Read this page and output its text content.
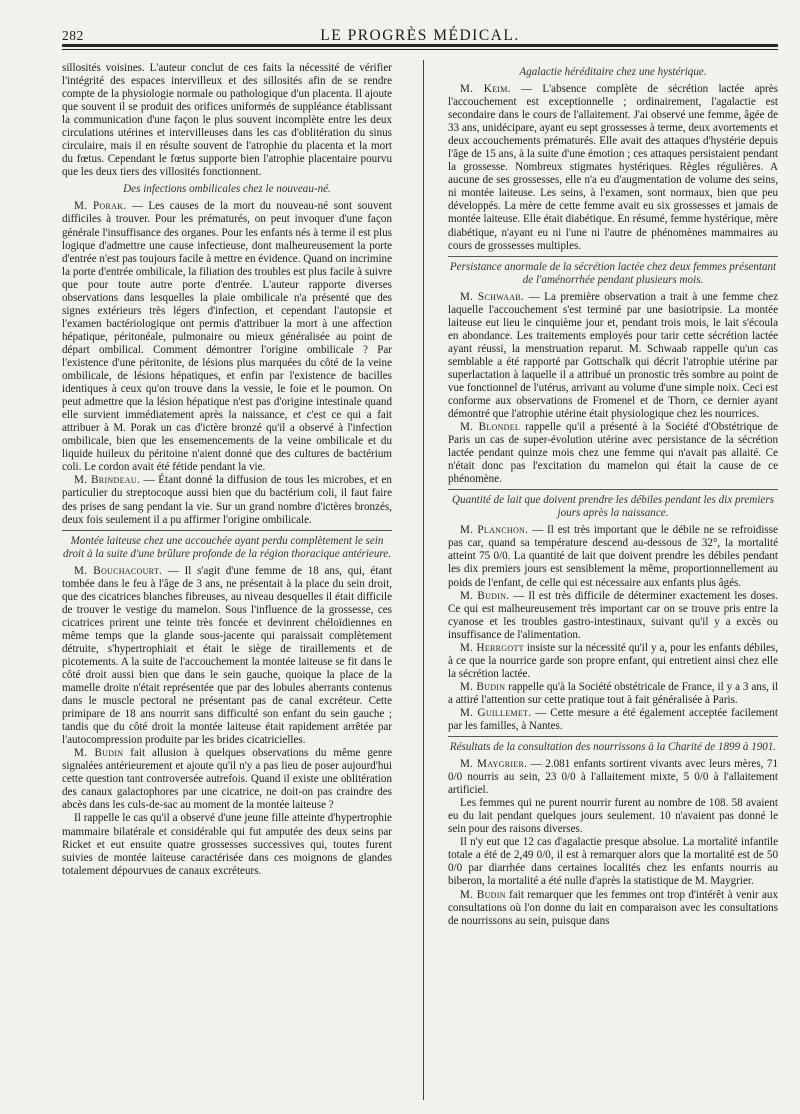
282	LE PROGRÈS MÉDICAL.

sillosités voisines. L'auteur conclut de ces faits la nécessité de vérifier l'intégrité des espaces intervilleux et des sillosités afin de se rendre compte de la physiologie normale ou pathologique d'un placenta. Il ajoute que souvent il se produit des orifices uniformés de suppléance établissant la communication d'une façon le plus souvent incomplète entre les deux circulations utérines et intervilleuses dans les cas d'oblitération du sinus circulaire, mais il en résulte souvent de l'atrophie du placenta et la mort du fœtus. Cependant le fœtus supporte bien l'atrophie placentaire pourvu que les deux tiers des villosités fonctionnent.

Des infections ombilicales chez le nouveau-né.

M. Porak. — Les causes de la mort du nouveau-né sont souvent difficiles à trouver. Pour les prématurés, on peut invoquer d'une façon générale l'insuffisance des organes. Pour les enfants nés à terme il est plus logique d'admettre une cause infectieuse, dont malheureusement la porte d'entrée n'est pas toujours facile à mettre en évidence. Quand on incrimine la porte d'entrée ombilicale, la filiation des troubles est plus facile à suivre que pour toute autre porte d'entrée. L'auteur rapporte diverses observations dans lesquelles la plaie ombilicale n'a présenté que des signes extérieurs très légers d'infection, et cependant l'autopsie et l'examen bactériologique ont permis d'attribuer la mort à une affection hépatique, péritonéale, pulmonaire ou mieux généralisée au point de départ ombilical. Comment démontrer l'origine ombilicale ? Par l'existence d'une péritonite, de lésions plus marquées du côté de la veine ombilicale, de lésions hépatiques, et enfin par l'existence de bacilles identiques à ceux qu'on trouve dans la vessie, le foie et le poumon. On peut admettre que la lésion hépatique n'est pas d'origine intestinale quand elle survient immédiatement après la naissance, et c'est ce qui a fait attribuer à M. Porak un cas d'ictère bronzé qu'il a observé à l'infection ombilicale, bien que les ensemencements de la veine ombilicale et du liquide huileux du péritoine n'aient donné que des cultures de bactérium coli. Le cordon avait été fétide pendant la vie.

M. Brindeau. — Étant donné la diffusion de tous les microbes, et en particulier du streptocoque aussi bien que du bactérium coli, il faut faire des prises de sang pendant la vie. Sur un grand nombre d'ictères bronzés, deux fois seulement il a pu affirmer l'origine ombilicale.

Montée laiteuse chez une accouchée ayant perdu complètement le sein droit à la suite d'une brûlure profonde de la région thoracique antérieure.

M. Bouchacourt. — Il s'agit d'une femme de 18 ans, qui, étant tombée dans le feu à l'âge de 3 ans, ne présentait à la place du sein droit, que des cicatrices blanches fibreuses, au niveau desquelles il était difficile de trouver le vestige du mamelon. Sous l'influence de la grossesse, ces cicatrices prirent une teinte très foncée et devinrent chéloïdiennes en même temps que la glande sous-jacente qui paraissait complètement détruite, s'hypertrophiait et était le siège de tiraillements et de picotements. A la suite de l'accouchement la montée laiteuse se fit dans le côté droit aussi bien que dans le sein gauche, quoique la place de la mamelle droite n'était représentée que par des lobules aberrants contenus dans le muscle pectoral ne présentant pas de canal excréteur. Cette primipare de 18 ans nourrit sans difficulté son enfant du sein gauche ; tandis que du côté droit la montée laiteuse était rapidement arrêtée par l'autocompression produite par les brides cicatricielles.

M. Budin fait allusion à quelques observations du même genre signalées antérieurement et ajoute qu'il n'y a pas lieu de poser aujourd'hui cette question tant controversée autrefois. Quand il existe une oblitération des canaux galactophores par une cicatrice, ne doit-on pas craindre des abcès dans les culs-de-sac au moment de la montée laiteuse ?

Il rappelle le cas qu'il a observé d'une jeune fille atteinte d'hypertrophie mammaire bilatérale et considérable qui fut amputée des deux seins par Ricket et eut ensuite quatre grossesses successives qui, toutes furent suivies de montée laiteuse caractérisée dans ces moignons de glandes totalement dépourvues de canaux excréteurs.

Agalactie héréditaire chez une hystérique.

M. Keim. — L'absence complète de sécrétion lactée après l'accouchement est exceptionnelle ; ordinairement, l'agalactie est secondaire dans le cours de l'allaitement. J'ai observé une femme, âgée de 33 ans, unidécipare, ayant eu sept grossesses à terme, deux avortements et deux accouchements prématurés. Elle avait des attaques d'hystérie depuis l'âge de 15 ans, à la suite d'une émotion ; ces attaques persistaient pendant la grossesse. Nombreux stigmates hystériques. Règles régulières. A aucune de ses grossesses, elle n'a eu d'augmentation de volume des seins, ni montée laiteuse. Les seins, à l'examen, sont normaux, bien que peu développés. La mère de cette femme avait eu six grossesses et jamais de montée laiteuse. Elle était diabétique. En résumé, femme hystérique, mère diabétique, n'ayant eu ni l'une ni l'autre de phénomènes mammaires au cours de grossesses multiples.

Persistance anormale de la sécrétion lactée chez deux femmes présentant de l'aménorrhée pendant plusieurs mois.

M. Schwaab. — La première observation a trait à une femme chez laquelle l'accouchement s'est terminé par une basiotripsie. La montée laiteuse eut lieu le cinquième jour et, pendant trois mois, le lait s'écoula en abondance. Les traitements employés pour tarir cette sécrétion lactée ayant réussi, la menstruation reparut. M. Schwaab rappelle qu'un cas semblable a été rapporté par Gottschalk qui décrit l'atrophie utérine par superlactation à laquelle il a attribué un pronostic très sombre au point de vue fonctionnel de l'utérus, arrivant au volume d'une simple noix. Ceci est conforme aux observations de Fromenel et de Thorn, ce dernier ayant démontré que l'atrophie utérine était physiologique chez les nourrices.

M. Blondel rappelle qu'il a présenté à la Société d'Obstétrique de Paris un cas de super-évolution utérine avec persistance de la sécrétion lactée pendant quinze mois chez une femme qui n'avait pas allaité. Ce n'était donc pas l'excitation du mamelon qui était la cause de ce phénomène.

Quantité de lait que doivent prendre les débiles pendant les dix premiers jours après la naissance.

M. Planchon. — Il est très important que le débile ne se refroidisse pas car, quand sa température descend au-dessous de 32°, la mortalité atteint 75 0/0. La quantité de lait que doivent prendre les débiles pendant les dix premiers jours est sensiblement la même, proportionnellement au poids de l'enfant, de celle qui est nécessaire aux enfants plus âgés.

M. Budin. — Il est très difficile de déterminer exactement les doses. Ce qui est malheureusement très important car on se trouve pris entre la cyanose et les troubles gastro-intestinaux, suivant qu'il y a excès ou insuffisance de l'alimentation.

M. Herrgott insiste sur la nécessité qu'il y a, pour les enfants débiles, à ce que la nourrice garde son propre enfant, qui entretient ainsi chez elle la sécrétion lactée.

M. Budin rappelle qu'à la Société obstétricale de France, il y a 3 ans, il a attiré l'attention sur cette pratique tout à fait généralisée à Paris.

M. Guillemet. — Cette mesure a été également acceptée facilement par les familles, à Nantes.

Résultats de la consultation des nourrissons à la Charité de 1899 à 1901.

M. Maygrier. — 2.081 enfants sortirent vivants avec leurs mères, 71 0/0 nourris au sein, 23 0/0 à l'allaitement mixte, 5 0/0 à l'allaitement artificiel.

Les femmes qui ne purent nourrir furent au nombre de 108. 58 avaient eu du lait pendant quelques jours seulement. 10 n'avaient pas donné le sein pour des raisons diverses.

Il n'y eut que 12 cas d'agalactie presque absolue. La mortalité infantile totale a été de 2,49 0/0, il est à remarquer alors que la mortalité est de 50 0/0 par diarrhée dans certaines localités chez les enfants nourris au biberon, la mortalité a été nulle d'après la statistique de M. Maygrier.

M. Budin fait remarquer que les femmes ont trop d'intérêt à venir aux consultations où l'on donne du lait en comparaison avec les consultations de nourrissons au sein, puisque dans
